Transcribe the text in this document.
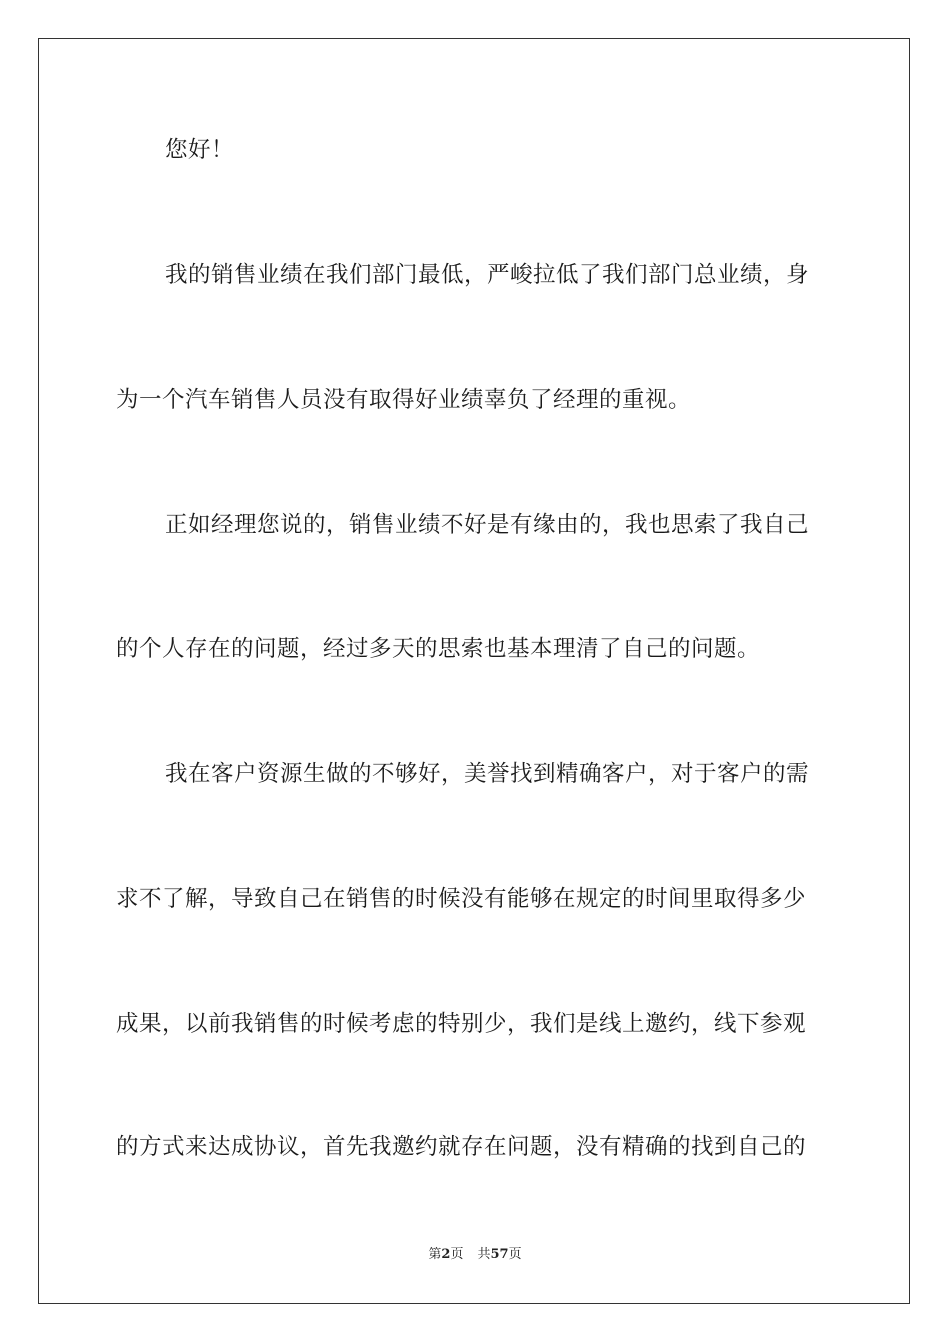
您好！
我的销售业绩在我们部门最低，严峻拉低了我们部门总业绩，身
为一个汽车销售人员没有取得好业绩辜负了经理的重视。
正如经理您说的，销售业绩不好是有缘由的，我也思索了我自己
的个人存在的问题，经过多天的思索也基本理清了自己的问题。
我在客户资源生做的不够好，美誉找到精确客户，对于客户的需
求不了解，导致自己在销售的时候没有能够在规定的时间里取得多少
成果，以前我销售的时候考虑的特别少，我们是线上邀约，线下参观
的方式来达成协议，首先我邀约就存在问题，没有精确的找到自己的
第2页 共57页
